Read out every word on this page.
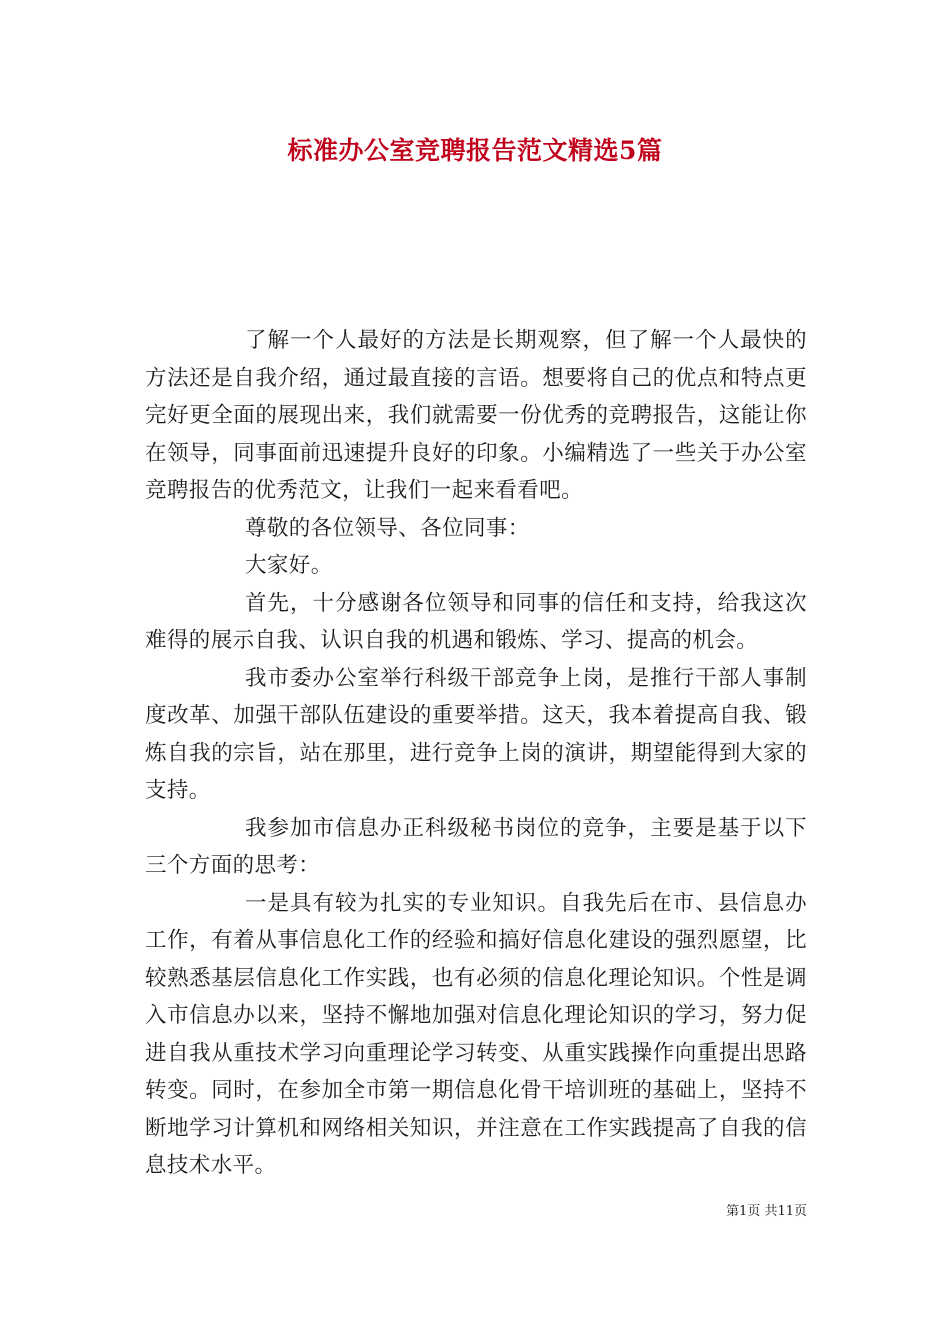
标准办公室竞聘报告范文精选5篇

了解一个人最好的方法是长期观察，但了解一个人最快的方法还是自我介绍，通过最直接的言语。想要将自己的优点和特点更完好更全面的展现出来，我们就需要一份优秀的竞聘报告，这能让你在领导，同事面前迅速提升良好的印象。小编精选了一些关于办公室竞聘报告的优秀范文，让我们一起来看看吧。

尊敬的各位领导、各位同事：

大家好。

首先，十分感谢各位领导和同事的信任和支持，给我这次难得的展示自我、认识自我的机遇和锻炼、学习、提高的机会。

我市委办公室举行科级干部竞争上岗，是推行干部人事制度改革、加强干部队伍建设的重要举措。这天，我本着提高自我、锻炼自我的宗旨，站在那里，进行竞争上岗的演讲，期望能得到大家的支持。

我参加市信息办正科级秘书岗位的竞争，主要是基于以下三个方面的思考：

一是具有较为扎实的专业知识。自我先后在市、县信息办工作，有着从事信息化工作的经验和搞好信息化建设的强烈愿望，比较熟悉基层信息化工作实践，也有必须的信息化理论知识。个性是调入市信息办以来，坚持不懈地加强对信息化理论知识的学习，努力促进自我从重技术学习向重理论学习转变、从重实践操作向重提出思路转变。同时，在参加全市第一期信息化骨干培训班的基础上，坚持不断地学习计算机和网络相关知识，并注意在工作实践提高了自我的信息技术水平。

第1页 共11页
